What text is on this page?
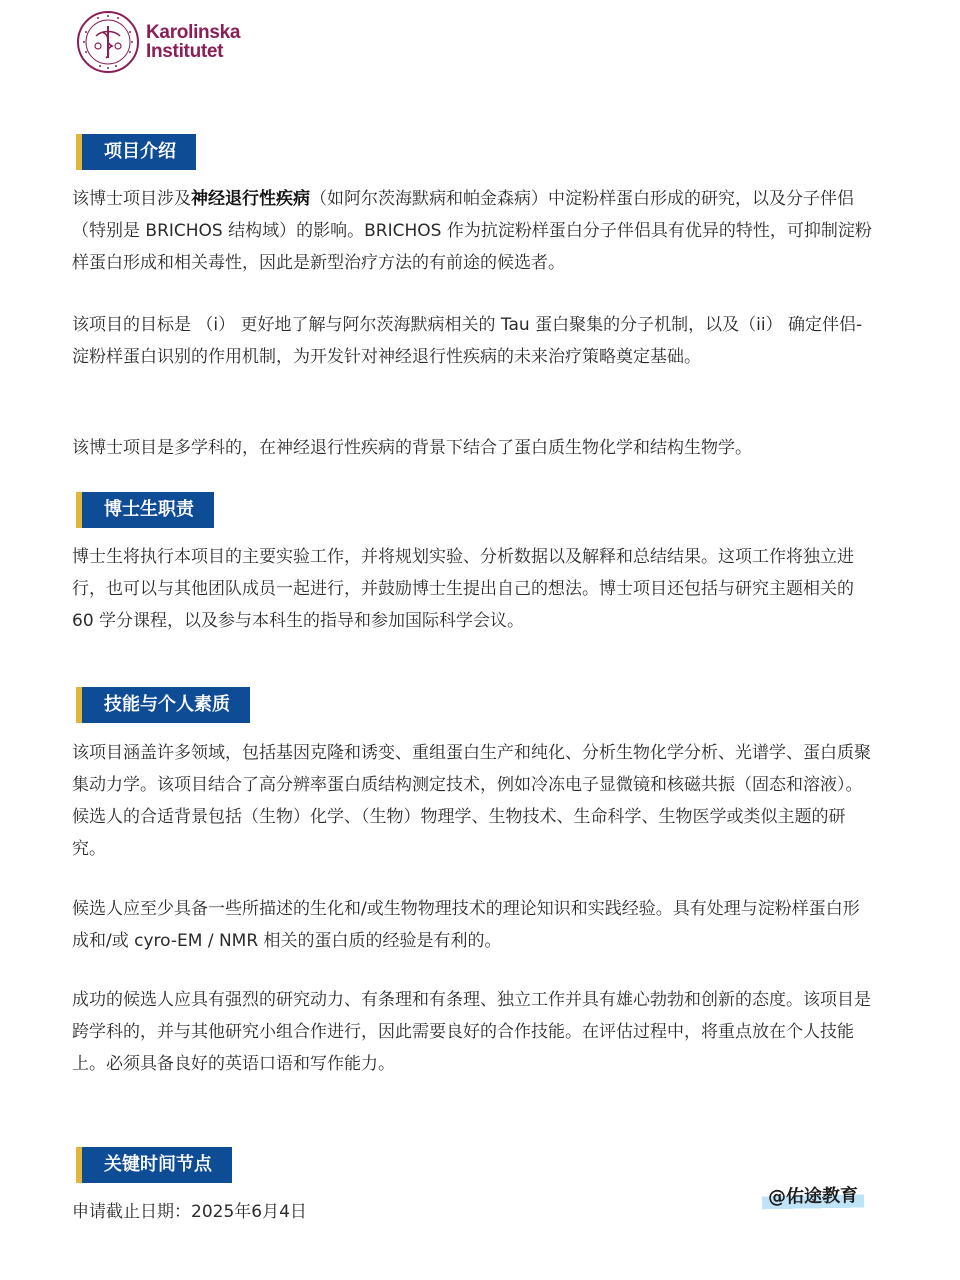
Karolinska
Institutet
项目介绍

该博士项目涉及神经退行性疾病（如阿尔茨海默病和帕金森病）中淀粉样蛋白形成的研究，以及分子伴侣（特别是 BRICHOS 结构域）的影响。BRICHOS 作为抗淀粉样蛋白分子伴侣具有优异的特性，可抑制淀粉样蛋白形成和相关毒性，因此是新型治疗方法的有前途的候选者。

该项目的目标是 （i） 更好地了解与阿尔茨海默病相关的 Tau 蛋白聚集的分子机制，以及（ii） 确定伴侣-淀粉样蛋白识别的作用机制，为开发针对神经退行性疾病的未来治疗策略奠定基础。

该博士项目是多学科的，在神经退行性疾病的背景下结合了蛋白质生物化学和结构生物学。

博士生职责

博士生将执行本项目的主要实验工作，并将规划实验、分析数据以及解释和总结结果。这项工作将独立进行，也可以与其他团队成员一起进行，并鼓励博士生提出自己的想法。博士项目还包括与研究主题相关的 60 学分课程，以及参与本科生的指导和参加国际科学会议。

技能与个人素质

该项目涵盖许多领域，包括基因克隆和诱变、重组蛋白生产和纯化、分析生物化学分析、光谱学、蛋白质聚集动力学。该项目结合了高分辨率蛋白质结构测定技术，例如冷冻电子显微镜和核磁共振（固态和溶液）。候选人的合适背景包括（生物）化学、（生物）物理学、生物技术、生命科学、生物医学或类似主题的研究。

候选人应至少具备一些所描述的生化和/或生物物理技术的理论知识和实践经验。具有处理与淀粉样蛋白形成和/或 cyro-EM / NMR 相关的蛋白质的经验是有利的。

成功的候选人应具有强烈的研究动力、有条理和有条理、独立工作并具有雄心勃勃和创新的态度。该项目是跨学科的，并与其他研究小组合作进行，因此需要良好的合作技能。在评估过程中，将重点放在个人技能上。必须具备良好的英语口语和写作能力。

关键时间节点

申请截止日期：2025年6月4日

@佑途教育
